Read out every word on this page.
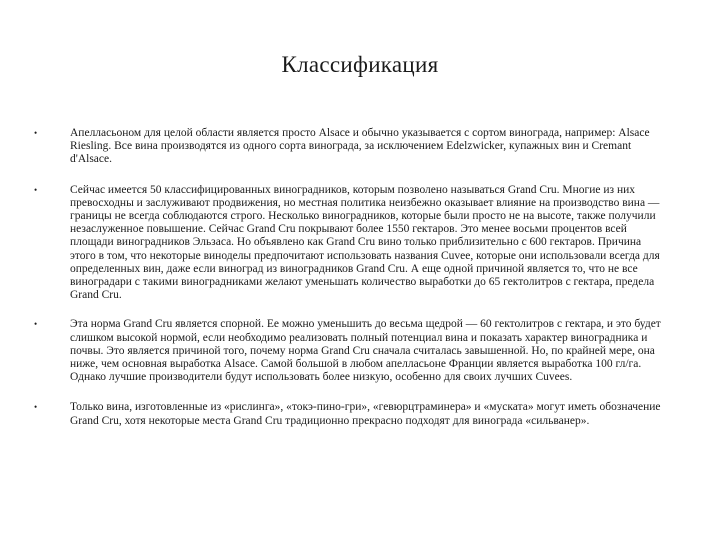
Классификация
•	Апелласьоном для целой области является просто Alsace и обычно указывается с сортом винограда, например: Alsace Riesling. Все вина производятся из одного сорта винограда, за исключением Edelzwicker, купажных вин и Cremant d'Alsace.
•	Сейчас имеется 50 классифицированных виноградников, которым позволено называться Grand Cru. Многие из них превосходны и заслуживают продвижения, но местная политика неизбежно оказывает влияние на производство вина — границы не всегда соблюдаются строго. Несколько виноградников, которые были просто не на высоте, также получили незаслуженное повышение. Сейчас Grand Cru покрывают более 1550 гектаров. Это менее восьми процентов всей площади виноградников Эльзаса. Но объявлено как Grand Cru вино только приблизительно с 600 гектаров. Причина этого в том, что некоторые виноделы предпочитают использовать названия Cuvee, которые они использовали всегда для определенных вин, даже если виноград из виноградников Grand Cru. А еще одной причиной является то, что не все виноградари с такими виноградниками желают уменьшать количество выработки до 65 гектолитров с гектара, предела Grand Cru.
•	Эта норма Grand Cru является спорной. Ее можно уменьшить до весьма щедрой — 60 гектолитров с гектара, и это будет слишком высокой нормой, если необходимо реализовать полный потенциал вина и показать характер виноградника и почвы. Это является причиной того, почему норма Grand Cru сначала считалась завышенной. Но, по крайней мере, она ниже, чем основная выработка Alsace. Самой большой в любом апелласьоне Франции является выработка 100 гл/га. Однако лучшие производители будут использовать более низкую, особенно для своих лучших Cuvees.
•	Только вина, изготовленные из «рислинга», «токэ-пино-гри», «гевюрцтраминера» и «муската» могут иметь обозначение Grand Cru, хотя некоторые места Grand Cru традиционно прекрасно подходят для винограда «сильванер».
